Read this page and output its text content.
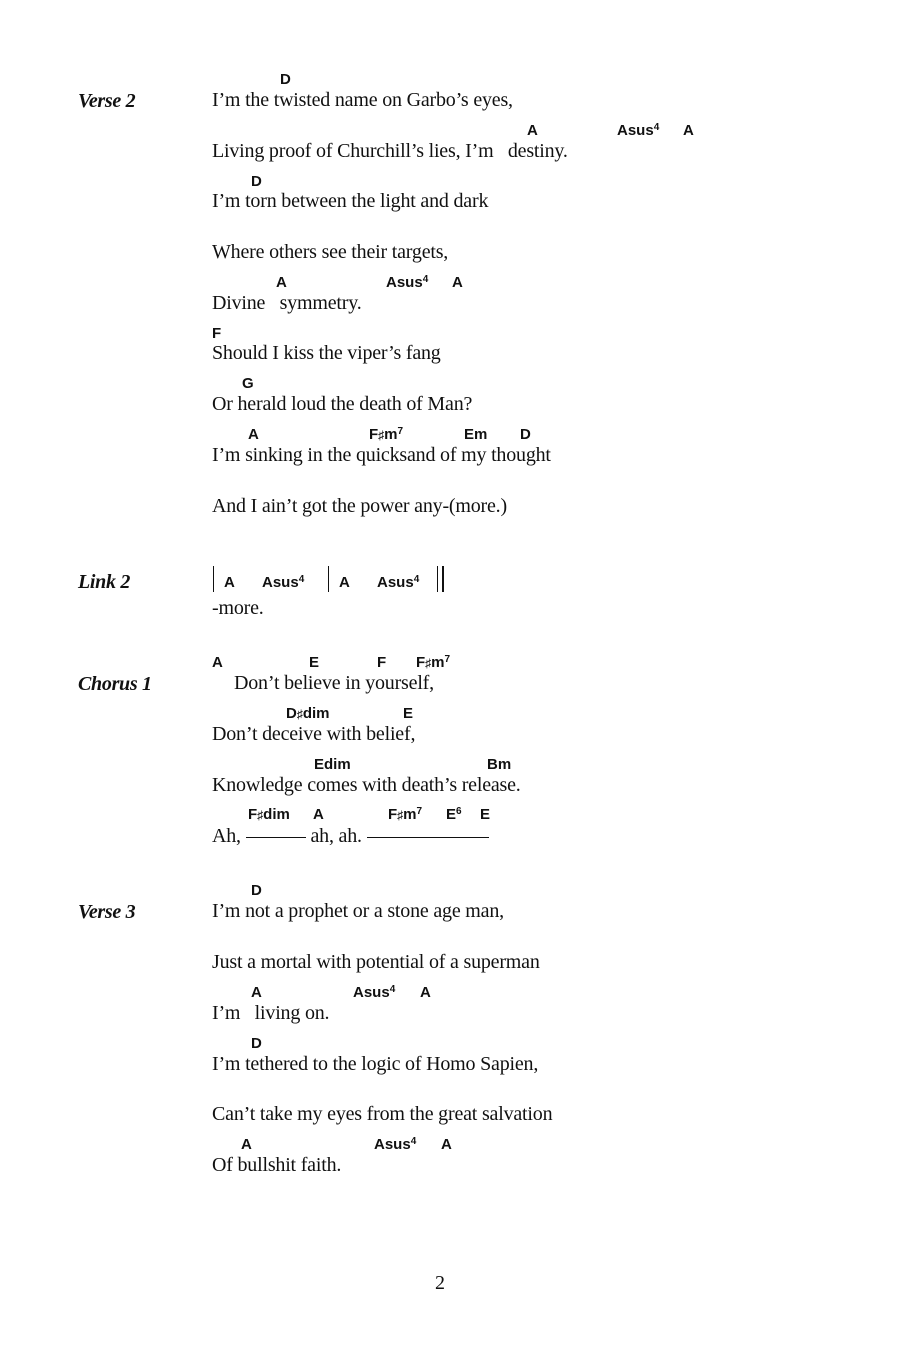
Verse 2
D
I’m the twisted name on Garbo’s eyes,
A	Asus$^4$ A
Living proof of Churchill’s lies, I’m   destiny.
D
I’m torn between the light and dark
Where others see their targets,
A	Asus$^4$ A
Divine   symmetry.
F
Should I kiss the viper’s fang
G
Or herald loud the death of Man?
A	$F♯m^7$	Em D
I’m sinking in the quicksand of my thought
And I ain’t got the power any-(more.)
Link 2	A Asus$^4$ A Asus$^4$
-more.
Chorus 1
A	E	F $F♯m^7$
Don’t believe in yourself,
D♯dim	E
Don’t deceive with belief,
Edim	Bm
Knowledge comes with death’s release.
F♯dim A	$F♯m^7$ $E^6$ E
Ah,	ah, ah.
Verse 3
D
I’m not a prophet or a stone age man,
Just a mortal with potential of a superman
A	Asus$^4$ A
I’m   living on.
D
I’m tethered to the logic of Homo Sapien,
Can’t take my eyes from the great salvation
A	Asus$^4$ A
Of bullshit faith.
2
